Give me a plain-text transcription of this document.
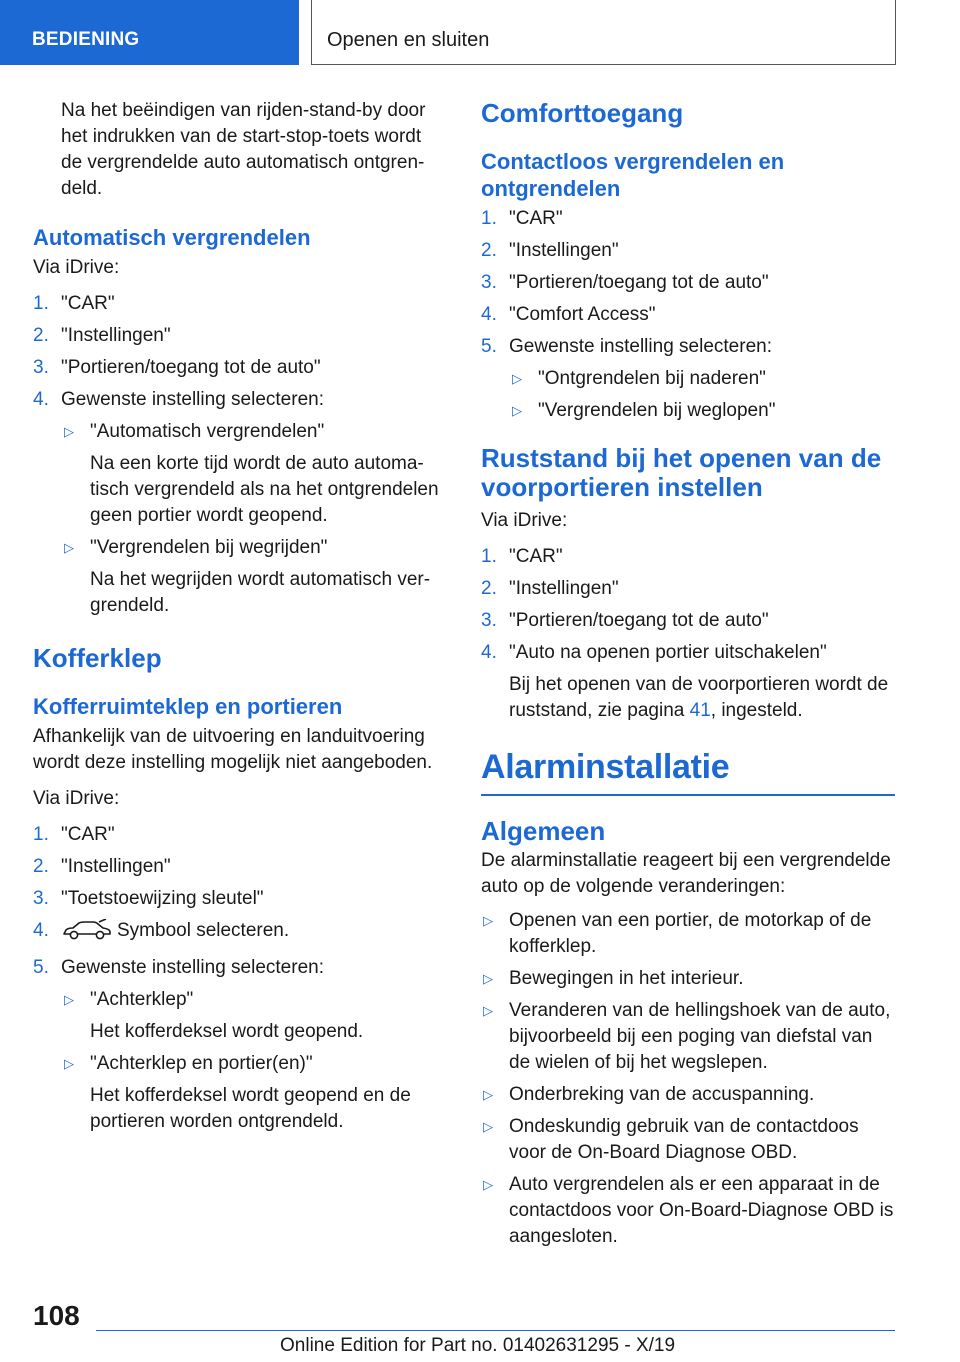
BEDIENING	Openen en sluiten

Na het beëindigen van rijden-stand-by door het indrukken van de start-stop-toets wordt de vergrendelde auto automatisch ontgren-deld.

Automatisch vergrendelen

Via iDrive:

1. "CAR"
2. "Instellingen"
3. "Portieren/toegang tot de auto"
4. Gewenste instelling selecteren:
▷ "Automatisch vergrendelen"
Na een korte tijd wordt de auto automa-tisch vergrendeld als na het ontgrendelen geen portier wordt geopend.
▷ "Vergrendelen bij wegrijden"
Na het wegrijden wordt automatisch ver-grendeld.
Kofferklep
Kofferruimteklep en portieren

Afhankelijk van de uitvoering en landuitvoering wordt deze instelling mogelijk niet aangeboden.

Via iDrive:

1. "CAR"
2. "Instellingen"
3. "Toetstoewijzing sleutel"
4.	Symbool selecteren.
5. Gewenste instelling selecteren:
▷ "Achterklep"
Het kofferdeksel wordt geopend.
▷ "Achterklep en portier(en)"
Het kofferdeksel wordt geopend en de portieren worden ontgrendeld.
Comforttoegang
Contactloos vergrendelen en ontgrendelen
1. "CAR"
2. "Instellingen"
3. "Portieren/toegang tot de auto"
4. "Comfort Access"
5. Gewenste instelling selecteren:
▷ "Ontgrendelen bij naderen"
▷ "Vergrendelen bij weglopen"
Ruststand bij het openen van de voorportieren instellen

Via iDrive:

1. "CAR"
2. "Instellingen"
3. "Portieren/toegang tot de auto"
4. "Auto na openen portier uitschakelen"
Bij het openen van de voorportieren wordt de ruststand, zie pagina 41, ingesteld.
Alarminstallatie
Algemeen

De alarminstallatie reageert bij een vergrendelde auto op de volgende veranderingen:

▷ Openen van een portier, de motorkap of de kofferklep.
▷ Bewegingen in het interieur.
▷ Veranderen van de hellingshoek van de auto, bijvoorbeeld bij een poging van diefstal van de wielen of bij het wegslepen.
▷ Onderbreking van de accuspanning.
▷ Ondeskundig gebruik van de contactdoos voor de On-Board Diagnose OBD.
▷ Auto vergrendelen als er een apparaat in de contactdoos voor On-Board-Diagnose OBD is aangesloten.
108
Online Edition for Part no. 01402631295 - X/19
